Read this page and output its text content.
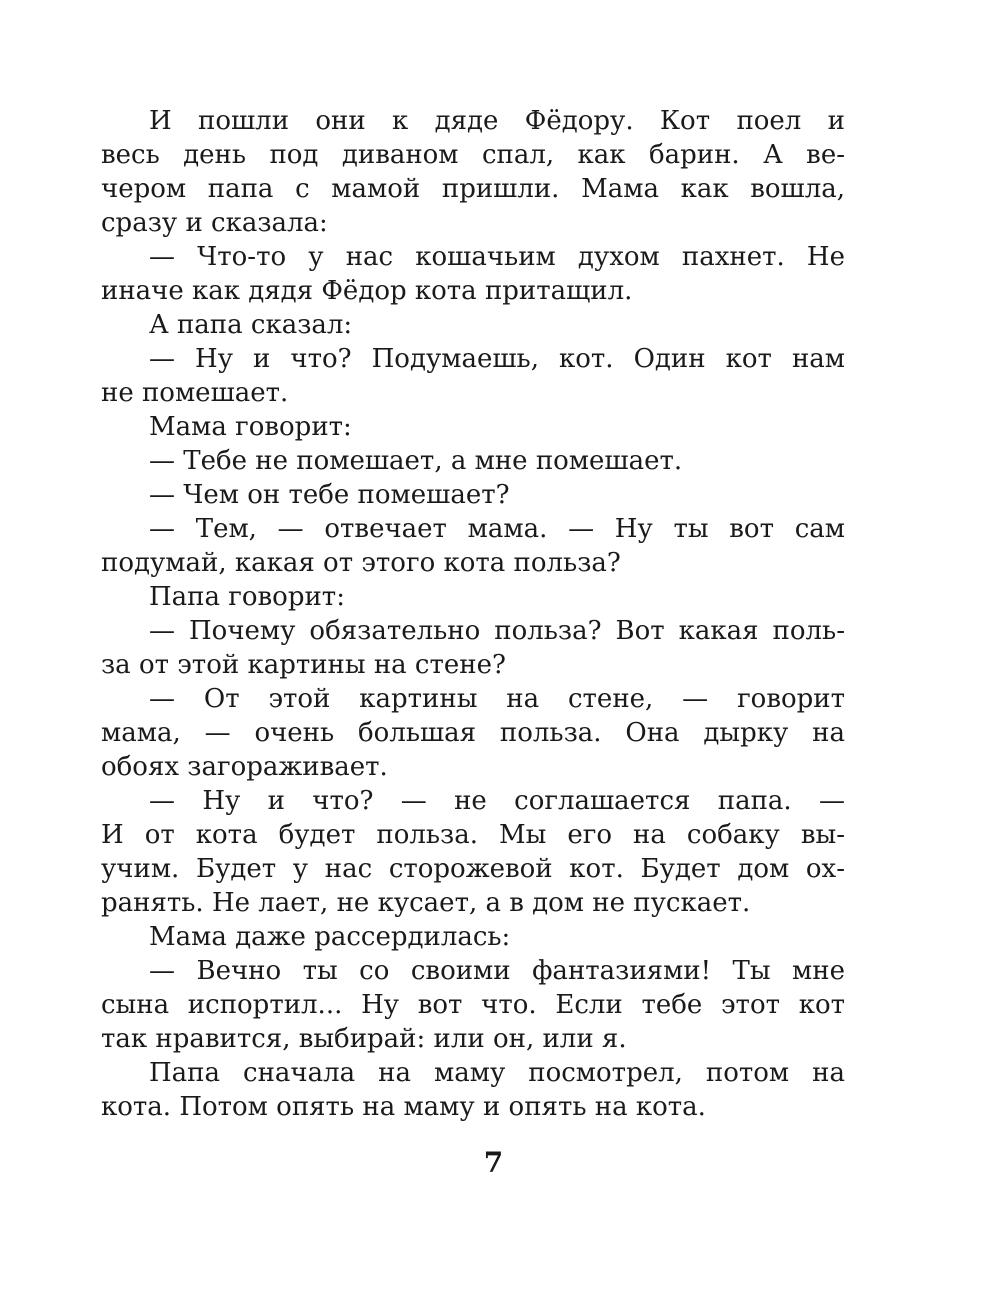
И пошли они к дяде Фёдору. Кот поел и
весь день под диваном спал, как барин. А ве-
чером папа с мамой пришли. Мама как вошла,
сразу и сказала:
— Что-то у нас кошачьим духом пахнет. Не
иначе как дядя Фёдор кота притащил.
А папа сказал:
— Ну и что? Подумаешь, кот. Один кот нам
не помешает.
Мама говорит:
— Тебе не помешает, а мне помешает.
— Чем он тебе помешает?
— Тем, — отвечает мама. — Ну ты вот сам
подумай, какая от этого кота польза?
Папа говорит:
— Почему обязательно польза? Вот какая поль-
за от этой картины на стене?
— От этой картины на стене, — говорит
мама, — очень большая польза. Она дырку на
обоях загораживает.
— Ну и что? — не соглашается папа. —
И от кота будет польза. Мы его на собаку вы-
учим. Будет у нас сторожевой кот. Будет дом ох-
ранять. Не лает, не кусает, а в дом не пускает.
Мама даже рассердилась:
— Вечно ты со своими фантазиями! Ты мне
сына испортил... Ну вот что. Если тебе этот кот
так нравится, выбирай: или он, или я.
Папа сначала на маму посмотрел, потом на
кота. Потом опять на маму и опять на кота.
7
